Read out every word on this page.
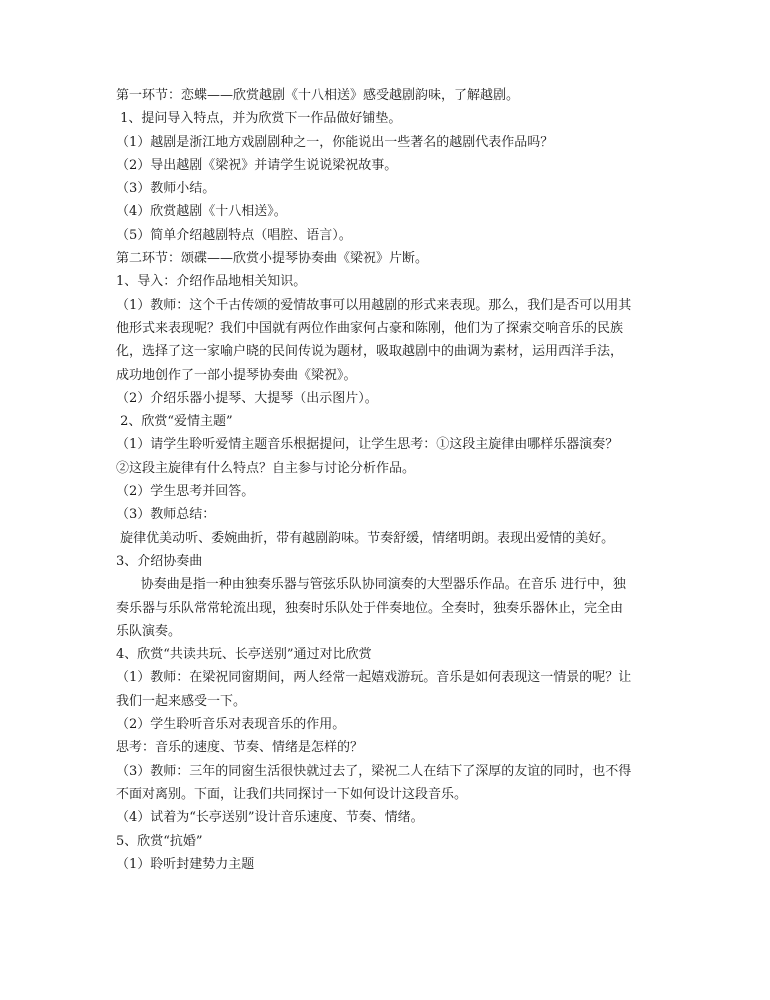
第一环节：恋蝶——欣赏越剧《十八相送》感受越剧韵味，了解越剧。
1、提问导入特点，并为欣赏下一作品做好铺垫。
（1）越剧是浙江地方戏剧剧种之一，你能说出一些著名的越剧代表作品吗？
（2）导出越剧《梁祝》并请学生说说梁祝故事。
（3）教师小结。
（4）欣赏越剧《十八相送》。
（5）简单介绍越剧特点（唱腔、语言）。
第二环节：颂碟——欣赏小提琴协奏曲《梁祝》片断。
1、导入：介绍作品地相关知识。
（1）教师：这个千古传颂的爱情故事可以用越剧的形式来表现。那么，我们是否可以用其
他形式来表现呢？我们中国就有两位作曲家何占豪和陈刚，他们为了探索交响音乐的民族
化，选择了这一家喻户晓的民间传说为题材，吸取越剧中的曲调为素材，运用西洋手法，
成功地创作了一部小提琴协奏曲《梁祝》。
（2）介绍乐器小提琴、大提琴（出示图片）。
2、欣赏“爱情主题”
（1）请学生聆听爱情主题音乐根据提问，让学生思考：①这段主旋律由哪样乐器演奏？
②这段主旋律有什么特点？自主参与讨论分析作品。
（2）学生思考并回答。
（3）教师总结：
旋律优美动听、委婉曲折，带有越剧韵味。节奏舒缓，情绪明朗。表现出爱情的美好。
3、介绍协奏曲
协奏曲是指一种由独奏乐器与管弦乐队协同演奏的大型器乐作品。在音乐 进行中，独
奏乐器与乐队常常轮流出现，独奏时乐队处于伴奏地位。全奏时，独奏乐器休止，完全由
乐队演奏。
4、欣赏“共读共玩、长亭送别”通过对比欣赏
（1）教师：在梁祝同窗期间，两人经常一起嬉戏游玩。音乐是如何表现这一情景的呢？让
我们一起来感受一下。
（2）学生聆听音乐对表现音乐的作用。
思考：音乐的速度、节奏、情绪是怎样的？
（3）教师：三年的同窗生活很快就过去了，梁祝二人在结下了深厚的友谊的同时，也不得
不面对离别。下面，让我们共同探讨一下如何设计这段音乐。
（4）试着为“长亭送别”设计音乐速度、节奏、情绪。
5、欣赏“抗婚”
（1）聆听封建势力主题
